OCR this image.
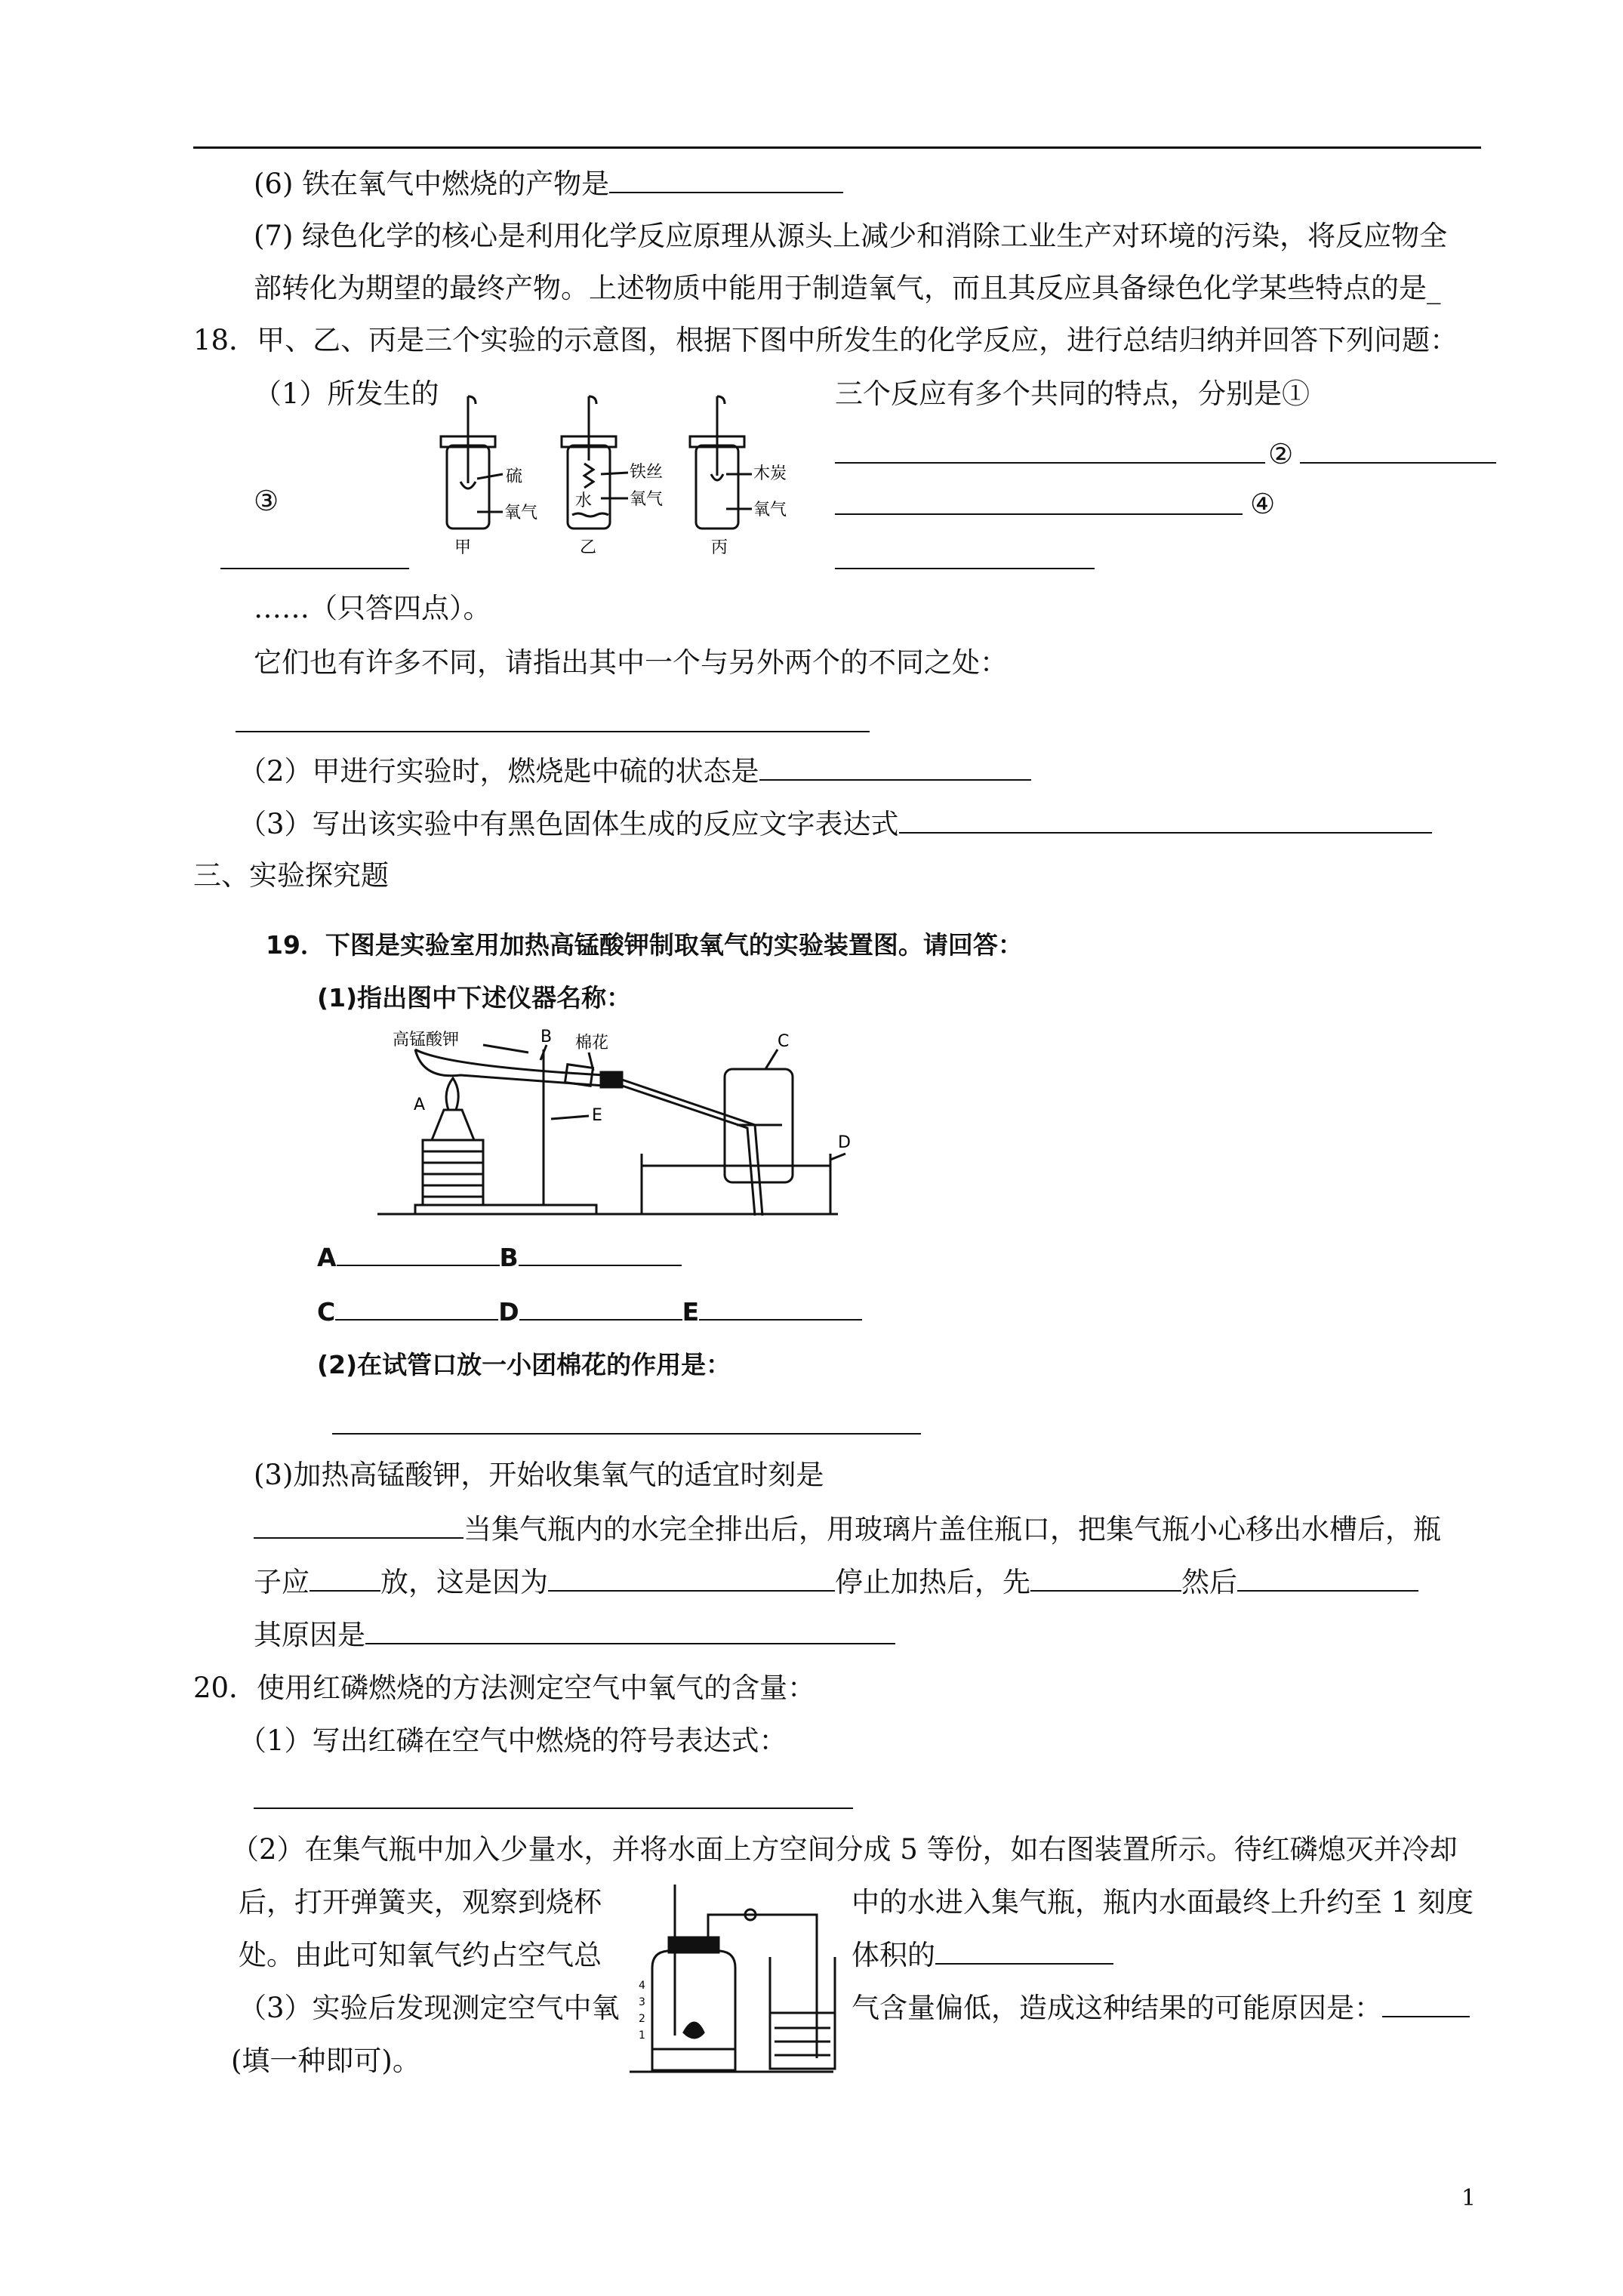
(6) 铁在氧气中燃烧的产物是
(7) 绿色化学的核心是利用化学反应原理从源头上减少和消除工业生产对环境的污染，将反应物全
部转化为期望的最终产物。上述物质中能用于制造氧气，而且其反应具备绿色化学某些特点的是_
18．甲、乙、丙是三个实验的示意图，根据下图中所发生的化学反应，进行总结归纳并回答下列问题：
（1）所发生的	三个反应有多个共同的特点，分别是①
②
③	④
硫
氧气
铁丝
水 氧气
木炭
氧气
甲	乙	丙
……（只答四点）。
它们也有许多不同，请指出其中一个与另外两个的不同之处：
（2）甲进行实验时，燃烧匙中硫的状态是
（3）写出该实验中有黑色固体生成的反应文字表达式
三、实验探究题
19．下图是实验室用加热高锰酸钾制取氧气的实验装置图。请回答：
(1)指出图中下述仪器名称：
高锰酸钾	B 棉花
A
E
C
D
A	B
C	D	E
(2)在试管口放一小团棉花的作用是：
(3)加热高锰酸钾，开始收集氧气的适宜时刻是
当集气瓶内的水完全排出后，用玻璃片盖住瓶口，把集气瓶小心移出水槽后，瓶
子应	放，这是因为	停止加热后，先	然后
其原因是
20．使用红磷燃烧的方法测定空气中氧气的含量：
（1）写出红磷在空气中燃烧的符号表达式：
（2）在集气瓶中加入少量水，并将水面上方空间分成 5 等份，如右图装置所示。待红磷熄灭并冷却
后，打开弹簧夹，观察到烧杯	中的水进入集气瓶，瓶内水面最终上升约至 1 刻度
处。由此可知氧气约占空气总	体积的
（3）实验后发现测定空气中氧	气含量偏低，造成这种结果的可能原因是：
(填一种即可)。
4
3
2
1
1
